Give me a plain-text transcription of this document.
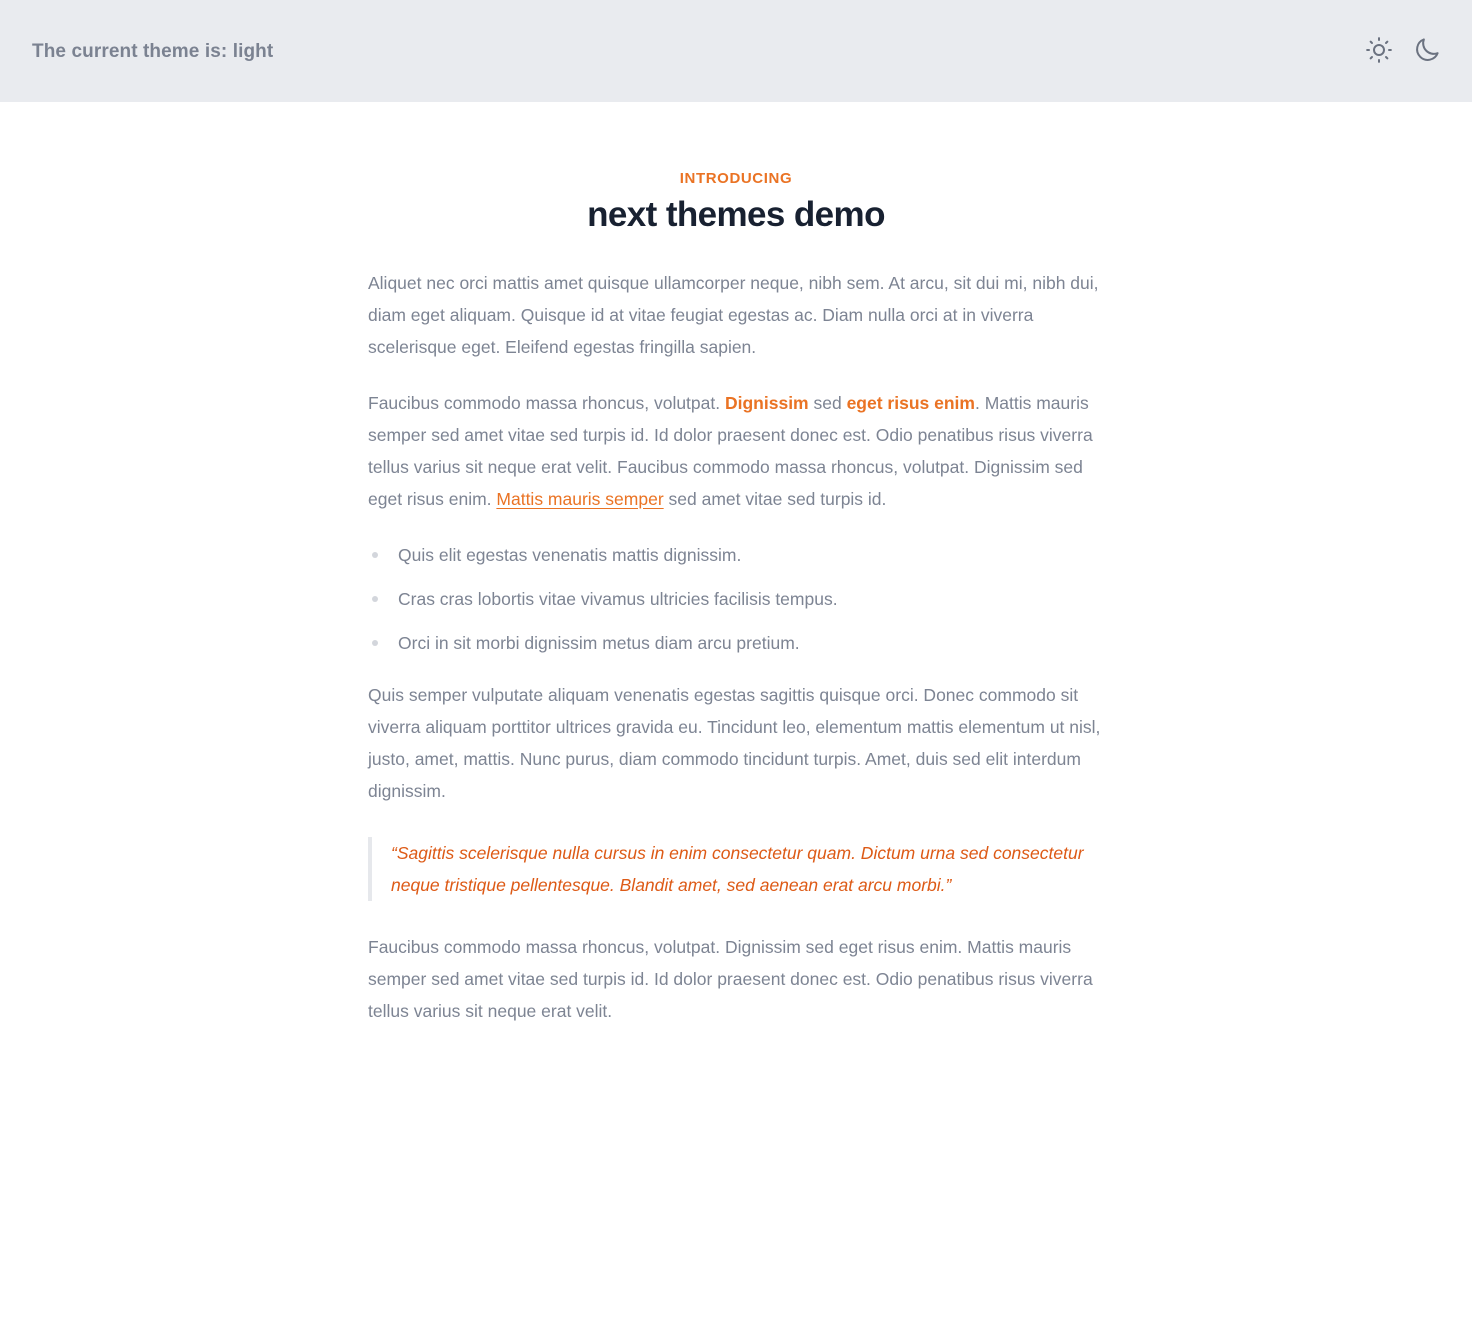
The current theme is: light
INTRODUCING
next themes demo

Aliquet nec orci mattis amet quisque ullamcorper neque, nibh sem. At arcu, sit dui mi, nibh dui, diam eget aliquam. Quisque id at vitae feugiat egestas ac. Diam nulla orci at in viverra scelerisque eget. Eleifend egestas fringilla sapien.

Faucibus commodo massa rhoncus, volutpat. Dignissim sed eget risus enim. Mattis mauris semper sed amet vitae sed turpis id. Id dolor praesent donec est. Odio penatibus risus viverra tellus varius sit neque erat velit. Faucibus commodo massa rhoncus, volutpat. Dignissim sed eget risus enim. Mattis mauris semper sed amet vitae sed turpis id.

Quis elit egestas venenatis mattis dignissim.
Cras cras lobortis vitae vivamus ultricies facilisis tempus.
Orci in sit morbi dignissim metus diam arcu pretium.

Quis semper vulputate aliquam venenatis egestas sagittis quisque orci. Donec commodo sit viverra aliquam porttitor ultrices gravida eu. Tincidunt leo, elementum mattis elementum ut nisl, justo, amet, mattis. Nunc purus, diam commodo tincidunt turpis. Amet, duis sed elit interdum dignissim.

“Sagittis scelerisque nulla cursus in enim consectetur quam. Dictum urna sed consectetur neque tristique pellentesque. Blandit amet, sed aenean erat arcu morbi.”

Faucibus commodo massa rhoncus, volutpat. Dignissim sed eget risus enim. Mattis mauris semper sed amet vitae sed turpis id. Id dolor praesent donec est. Odio penatibus risus viverra tellus varius sit neque erat velit.
